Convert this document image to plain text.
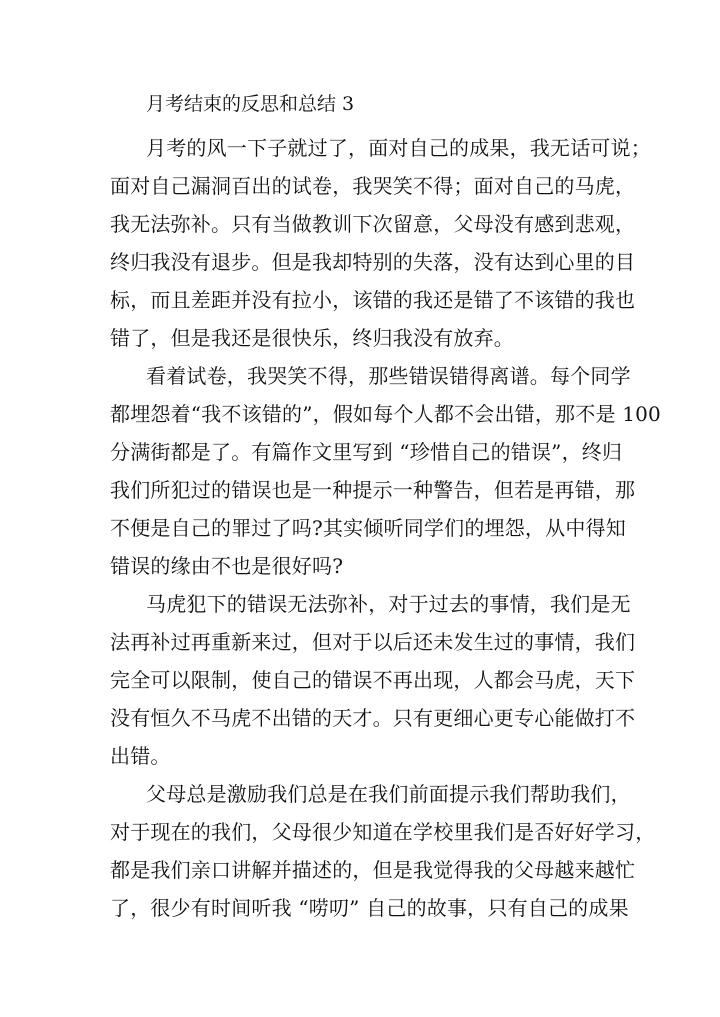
月考结束的反思和总结 3
月考的风一下子就过了，面对自己的成果，我无话可说；
面对自己漏洞百出的试卷，我哭笑不得；面对自己的马虎，
我无法弥补。只有当做教训下次留意，父母没有感到悲观，
终归我没有退步。但是我却特别的失落，没有达到心里的目
标，而且差距并没有拉小，该错的我还是错了不该错的我也
错了，但是我还是很快乐，终归我没有放弃。
看着试卷，我哭笑不得，那些错误错得离谱。每个同学
都埋怨着“我不该错的”，假如每个人都不会出错，那不是 100
分满街都是了。有篇作文里写到 “珍惜自己的错误”，终归
我们所犯过的错误也是一种提示一种警告，但若是再错，那
不便是自己的罪过了吗?其实倾听同学们的埋怨，从中得知
错误的缘由不也是很好吗?
马虎犯下的错误无法弥补，对于过去的事情，我们是无
法再补过再重新来过，但对于以后还未发生过的事情，我们
完全可以限制，使自己的错误不再出现，人都会马虎，天下
没有恒久不马虎不出错的天才。只有更细心更专心能做打不
出错。
父母总是激励我们总是在我们前面提示我们帮助我们，
对于现在的我们，父母很少知道在学校里我们是否好好学习，
都是我们亲口讲解并描述的，但是我觉得我的父母越来越忙
了，很少有时间听我 “唠叨” 自己的故事，只有自己的成果
